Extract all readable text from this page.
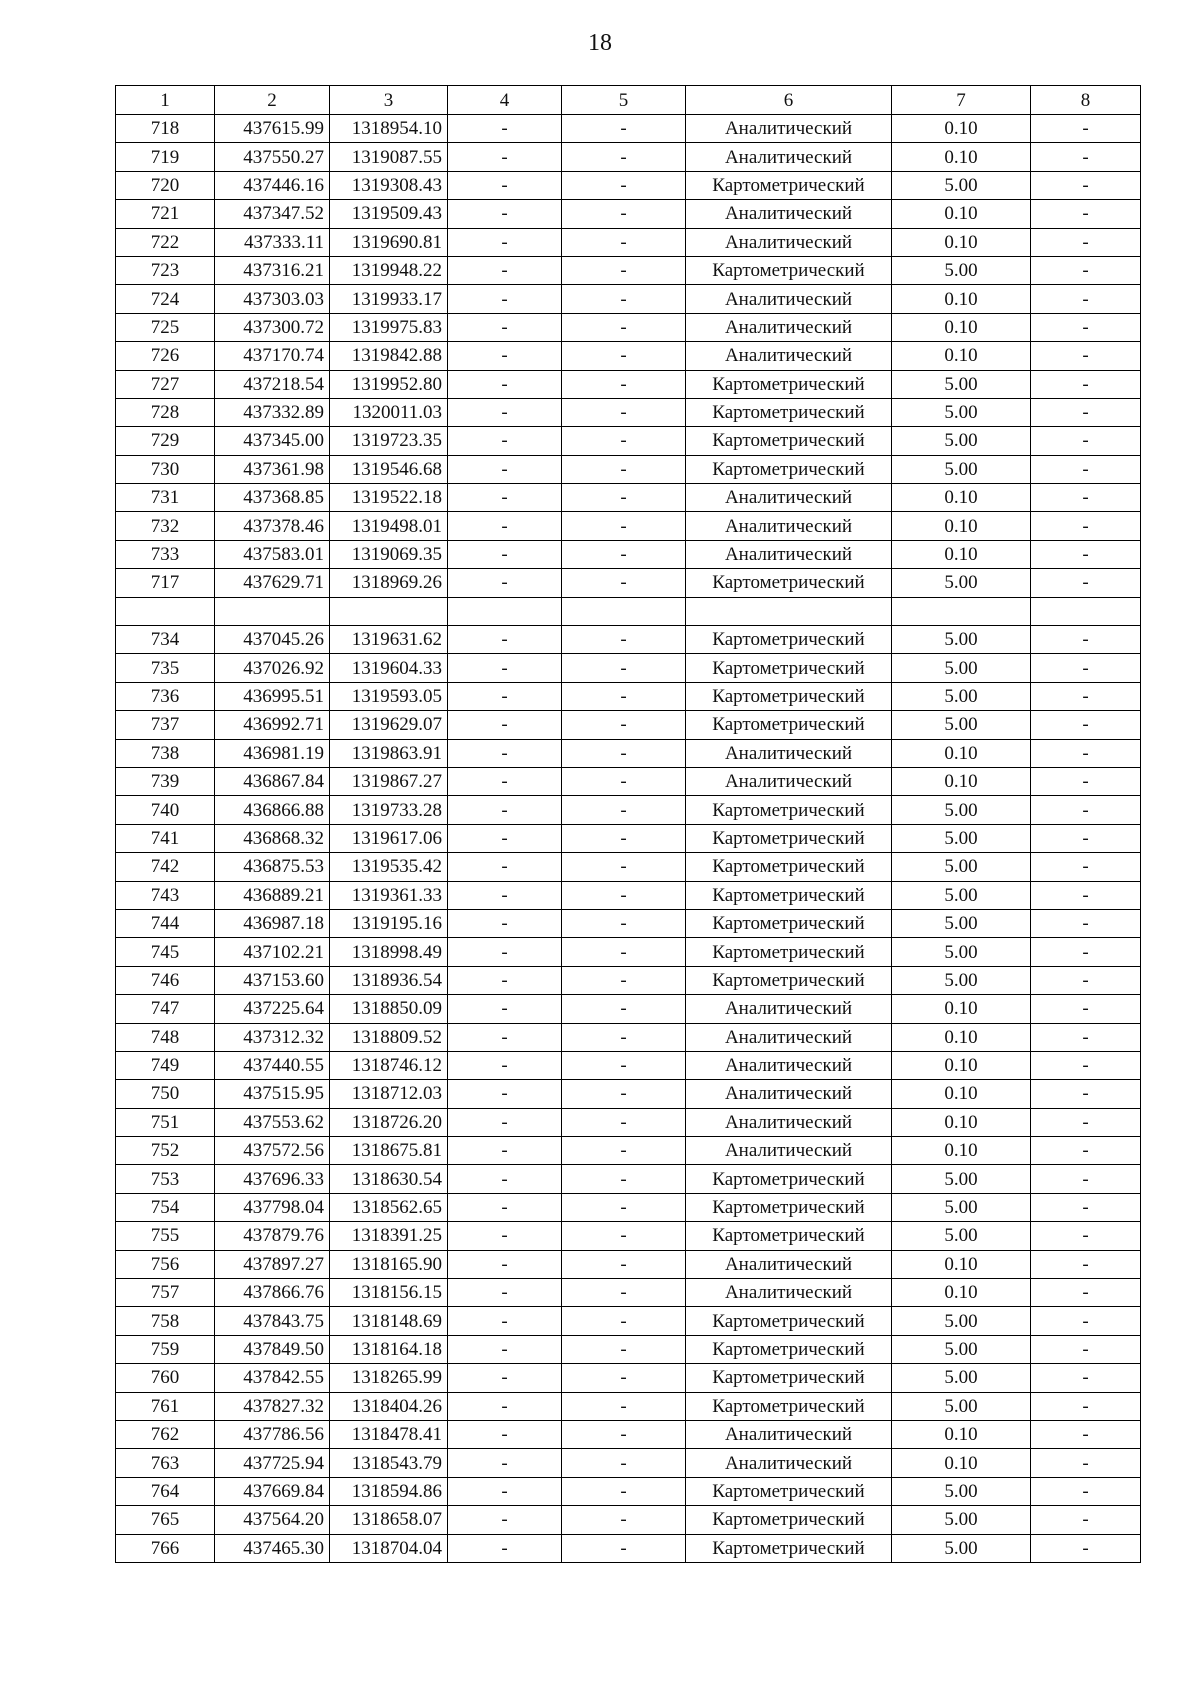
18
1	2	3	4	5	6	7	8
718	437615.99	1318954.10	-	-	Аналитический	0.10	-
719	437550.27	1319087.55	-	-	Аналитический	0.10	-
720	437446.16	1319308.43	-	-	Картометрический	5.00	-
721	437347.52	1319509.43	-	-	Аналитический	0.10	-
722	437333.11	1319690.81	-	-	Аналитический	0.10	-
723	437316.21	1319948.22	-	-	Картометрический	5.00	-
724	437303.03	1319933.17	-	-	Аналитический	0.10	-
725	437300.72	1319975.83	-	-	Аналитический	0.10	-
726	437170.74	1319842.88	-	-	Аналитический	0.10	-
727	437218.54	1319952.80	-	-	Картометрический	5.00	-
728	437332.89	1320011.03	-	-	Картометрический	5.00	-
729	437345.00	1319723.35	-	-	Картометрический	5.00	-
730	437361.98	1319546.68	-	-	Картометрический	5.00	-
731	437368.85	1319522.18	-	-	Аналитический	0.10	-
732	437378.46	1319498.01	-	-	Аналитический	0.10	-
733	437583.01	1319069.35	-	-	Аналитический	0.10	-
717	437629.71	1318969.26	-	-	Картометрический	5.00	-

734	437045.26	1319631.62	-	-	Картометрический	5.00	-
735	437026.92	1319604.33	-	-	Картометрический	5.00	-
736	436995.51	1319593.05	-	-	Картометрический	5.00	-
737	436992.71	1319629.07	-	-	Картометрический	5.00	-
738	436981.19	1319863.91	-	-	Аналитический	0.10	-
739	436867.84	1319867.27	-	-	Аналитический	0.10	-
740	436866.88	1319733.28	-	-	Картометрический	5.00	-
741	436868.32	1319617.06	-	-	Картометрический	5.00	-
742	436875.53	1319535.42	-	-	Картометрический	5.00	-
743	436889.21	1319361.33	-	-	Картометрический	5.00	-
744	436987.18	1319195.16	-	-	Картометрический	5.00	-
745	437102.21	1318998.49	-	-	Картометрический	5.00	-
746	437153.60	1318936.54	-	-	Картометрический	5.00	-
747	437225.64	1318850.09	-	-	Аналитический	0.10	-
748	437312.32	1318809.52	-	-	Аналитический	0.10	-
749	437440.55	1318746.12	-	-	Аналитический	0.10	-
750	437515.95	1318712.03	-	-	Аналитический	0.10	-
751	437553.62	1318726.20	-	-	Аналитический	0.10	-
752	437572.56	1318675.81	-	-	Аналитический	0.10	-
753	437696.33	1318630.54	-	-	Картометрический	5.00	-
754	437798.04	1318562.65	-	-	Картометрический	5.00	-
755	437879.76	1318391.25	-	-	Картометрический	5.00	-
756	437897.27	1318165.90	-	-	Аналитический	0.10	-
757	437866.76	1318156.15	-	-	Аналитический	0.10	-
758	437843.75	1318148.69	-	-	Картометрический	5.00	-
759	437849.50	1318164.18	-	-	Картометрический	5.00	-
760	437842.55	1318265.99	-	-	Картометрический	5.00	-
761	437827.32	1318404.26	-	-	Картометрический	5.00	-
762	437786.56	1318478.41	-	-	Аналитический	0.10	-
763	437725.94	1318543.79	-	-	Аналитический	0.10	-
764	437669.84	1318594.86	-	-	Картометрический	5.00	-
765	437564.20	1318658.07	-	-	Картометрический	5.00	-
766	437465.30	1318704.04	-	-	Картометрический	5.00	-
